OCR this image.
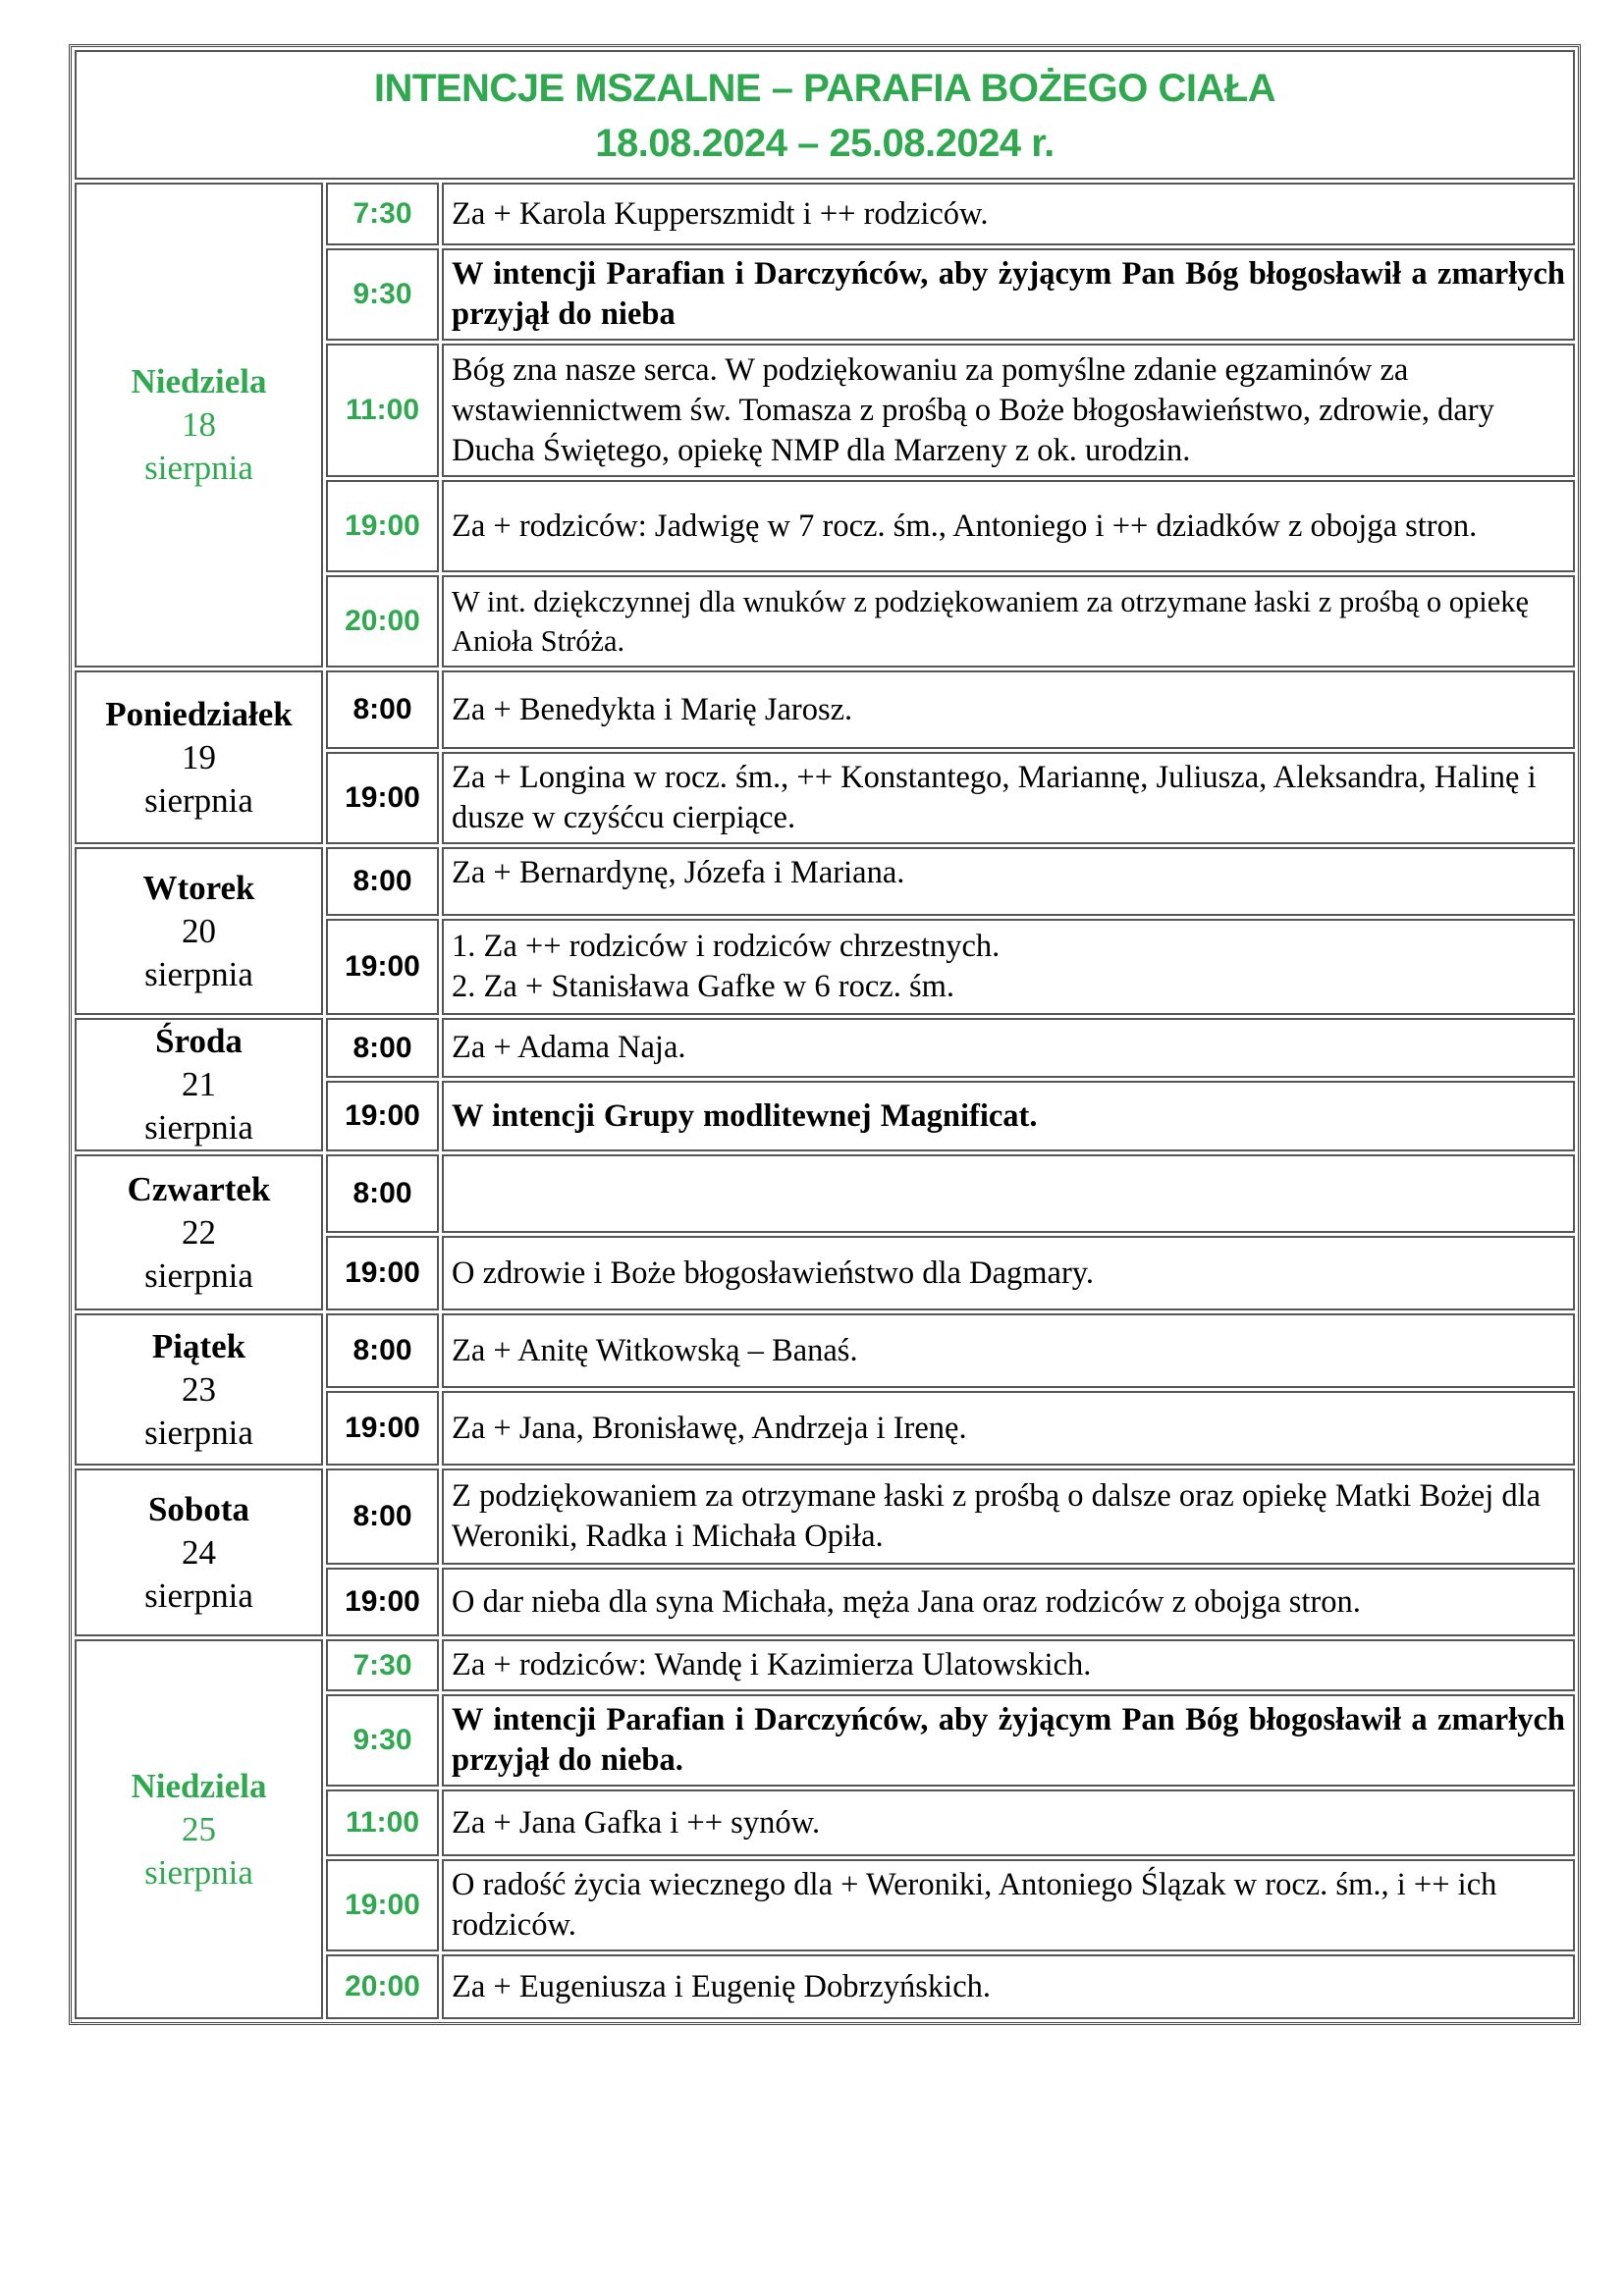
INTENCJE MSZALNE – PARAFIA BOŻEGO CIAŁA
18.08.2024 – 25.08.2024 r.		

Niedziela
18
sierpnia	7:30	Za + Karola Kupperszmidt i ++ rodziców.

	9:30	W intencji Parafian i Darczyńców, aby żyjącym Pan Bóg błogosławił a zmarłych przyjął do nieba

	11:00	Bóg zna nasze serca. W podziękowaniu za pomyślne zdanie egzaminów za wstawiennictwem św. Tomasza z prośbą o Boże błogosławieństwo, zdrowie, dary Ducha Świętego, opiekę NMP dla Marzeny z ok. urodzin.

	19:00	Za + rodziców: Jadwigę w 7 rocz. śm., Antoniego i ++ dziadków z obojga stron.

	20:00	W int. dziękczynnej dla wnuków z podziękowaniem za otrzymane łaski z prośbą o opiekę Anioła Stróża.

Poniedziałek
19
sierpnia	8:00	Za + Benedykta i Marię Jarosz.

	19:00	Za + Longina w rocz. śm., ++ Konstantego, Mariannę, Juliusza, Aleksandra, Halinę i dusze w czyśćcu cierpiące.

Wtorek
20
sierpnia	8:00	Za + Bernardynę, Józefa i Mariana.

	19:00	1. Za ++ rodziców i rodziców chrzestnych.
2. Za + Stanisława Gafke w 6 rocz. śm.

Środa
21
sierpnia	8:00	Za + Adama Naja.

	19:00	W intencji Grupy modlitewnej Magnificat.

Czwartek
22
sierpnia	8:00	

	19:00	O zdrowie i Boże błogosławieństwo dla Dagmary.

Piątek
23
sierpnia	8:00	Za + Anitę Witkowską – Banaś.

	19:00	Za + Jana, Bronisławę, Andrzeja i Irenę.

Sobota
24
sierpnia	8:00	Z podziękowaniem za otrzymane łaski z prośbą o dalsze oraz opiekę Matki Bożej dla Weroniki, Radka i Michała Opiła.

	19:00	O dar nieba dla syna Michała, męża Jana oraz rodziców z obojga stron.

Niedziela
25
sierpnia	7:30	Za + rodziców: Wandę i Kazimierza Ulatowskich.

	9:30	W intencji Parafian i Darczyńców, aby żyjącym Pan Bóg błogosławił a zmarłych przyjął do nieba.

	11:00	Za + Jana Gafka i ++ synów.

	19:00	O radość życia wiecznego dla + Weroniki, Antoniego Ślązak w rocz. śm., i ++ ich rodziców.

	20:00	Za + Eugeniusza i Eugenię Dobrzyńskich.
